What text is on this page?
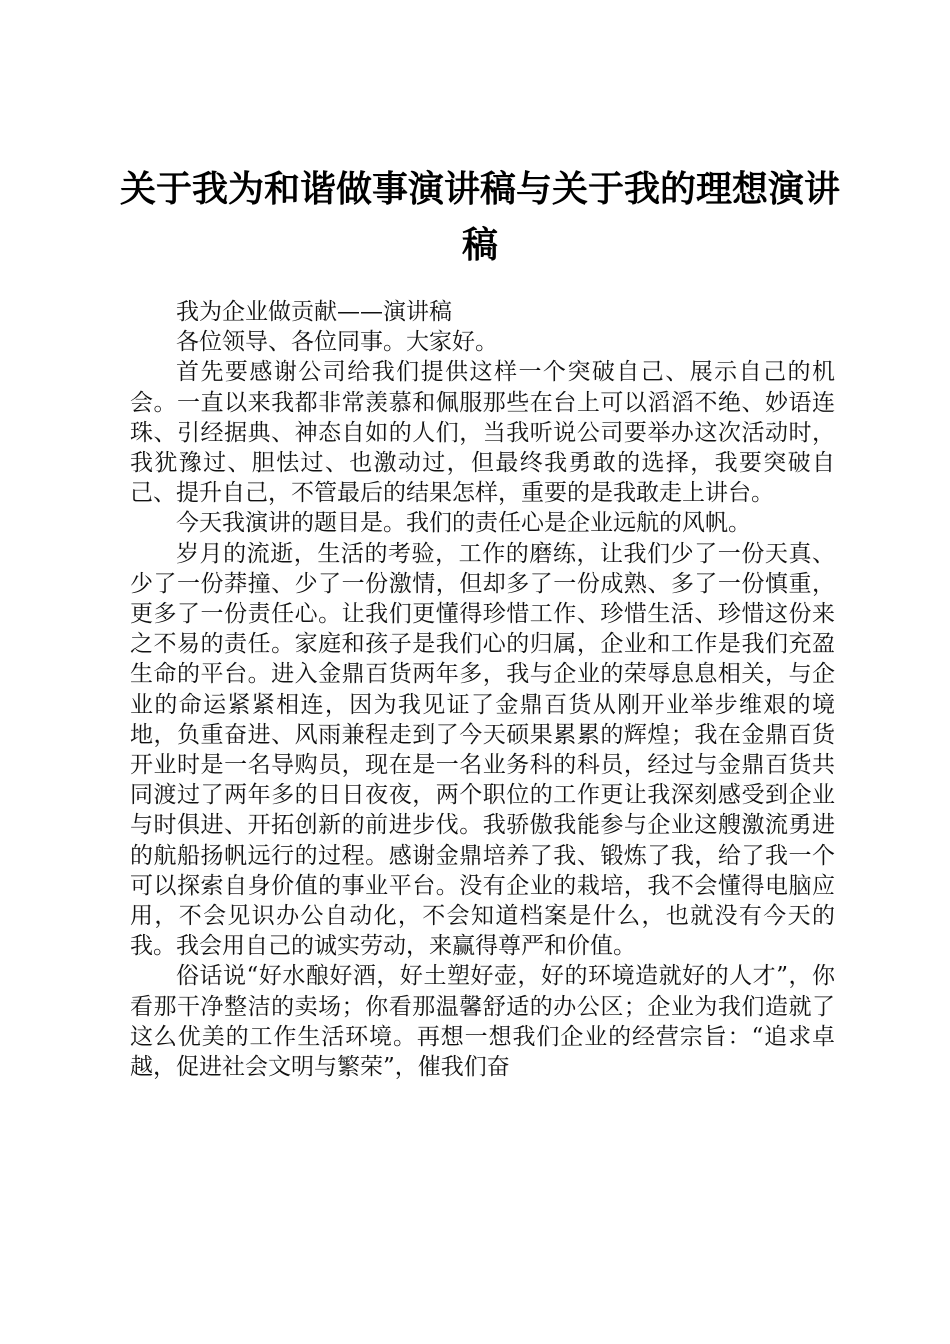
关于我为和谐做事演讲稿与关于我的理想演讲稿

我为企业做贡献——演讲稿

各位领导、各位同事。大家好。

首先要感谢公司给我们提供这样一个突破自己、展示自己的机会。一直以来我都非常羡慕和佩服那些在台上可以滔滔不绝、妙语连珠、引经据典、神态自如的人们，当我听说公司要举办这次活动时，我犹豫过、胆怯过、也激动过，但最终我勇敢的选择，我要突破自己、提升自己，不管最后的结果怎样，重要的是我敢走上讲台。

今天我演讲的题目是。我们的责任心是企业远航的风帆。

岁月的流逝，生活的考验，工作的磨练，让我们少了一份天真、少了一份莽撞、少了一份激情，但却多了一份成熟、多了一份慎重，更多了一份责任心。让我们更懂得珍惜工作、珍惜生活、珍惜这份来之不易的责任。家庭和孩子是我们心的归属，企业和工作是我们充盈生命的平台。进入金鼎百货两年多，我与企业的荣辱息息相关，与企业的命运紧紧相连，因为我见证了金鼎百货从刚开业举步维艰的境地，负重奋进、风雨兼程走到了今天硕果累累的辉煌；我在金鼎百货开业时是一名导购员，现在是一名业务科的科员，经过与金鼎百货共同渡过了两年多的日日夜夜，两个职位的工作更让我深刻感受到企业与时俱进、开拓创新的前进步伐。我骄傲我能参与企业这艘激流勇进的航船扬帆远行的过程。感谢金鼎培养了我、锻炼了我，给了我一个可以探索自身价值的事业平台。没有企业的栽培，我不会懂得电脑应用，不会见识办公自动化，不会知道档案是什么，也就没有今天的我。我会用自己的诚实劳动，来赢得尊严和价值。

俗话说“好水酿好酒，好土塑好壶，好的环境造就好的人才”，你看那干净整洁的卖场；你看那温馨舒适的办公区；企业为我们造就了这么优美的工作生活环境。再想一想我们企业的经营宗旨：“追求卓越，促进社会文明与繁荣”，催我们奋
